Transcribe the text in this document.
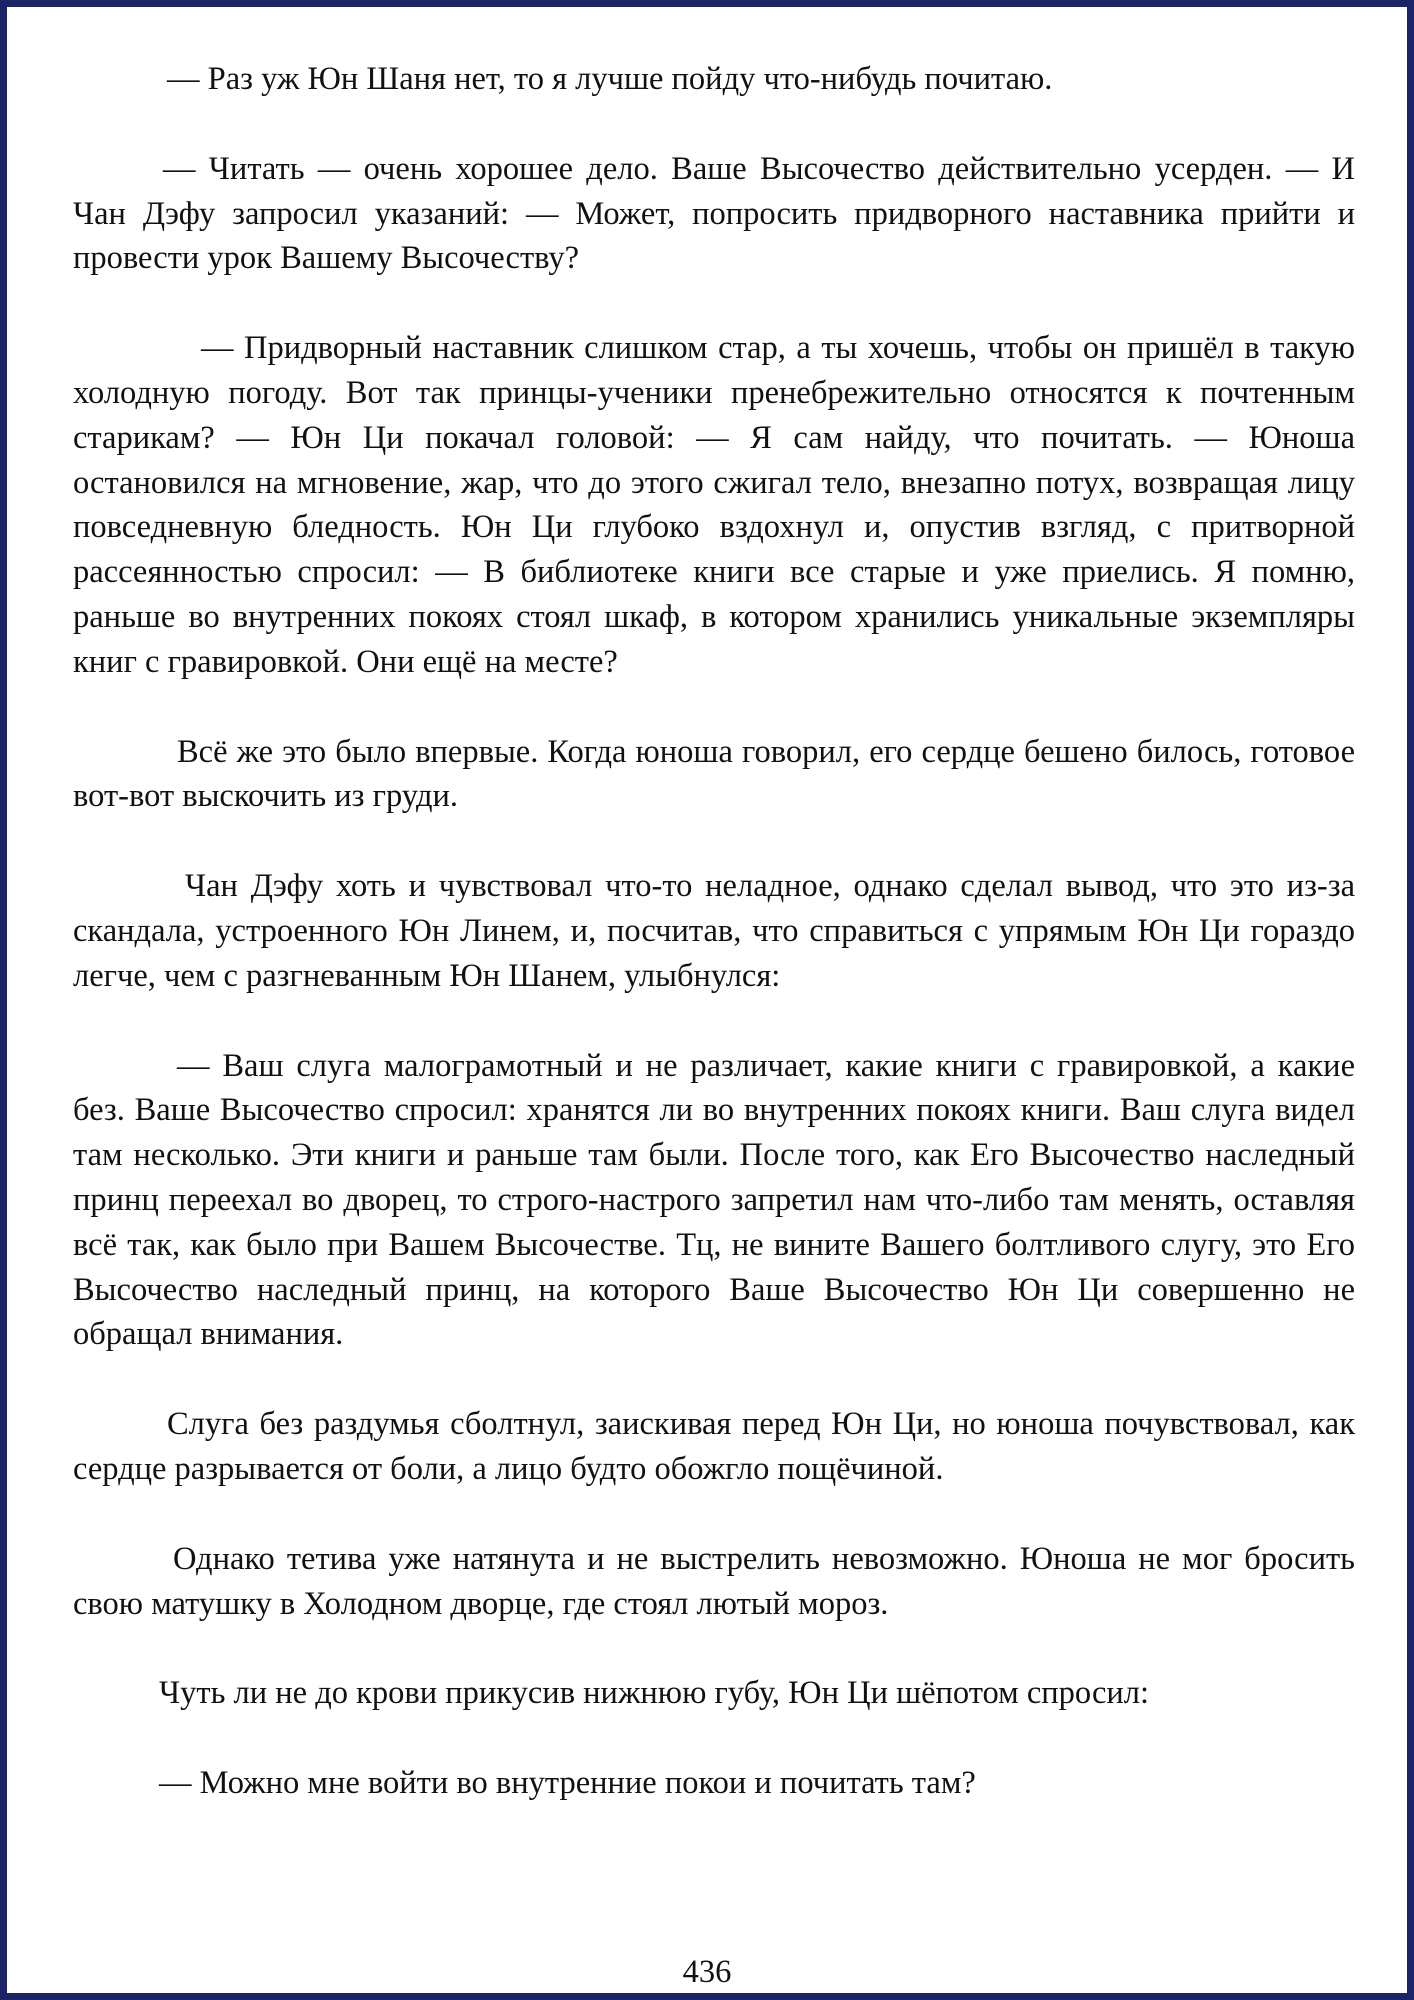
— Раз уж Юн Шаня нет, то я лучше пойду что-нибудь почитаю.

— Читать — очень хорошее дело. Ваше Высочество действительно усерден. — И Чан Дэфу запросил указаний: — Может, попросить придворного наставника прийти и провести урок Вашему Высочеству?

— Придворный наставник слишком стар, а ты хочешь, чтобы он пришёл в такую холодную погоду. Вот так принцы-ученики пренебрежительно относятся к почтенным старикам? — Юн Ци покачал головой: — Я сам найду, что почитать. — Юноша остановился на мгновение, жар, что до этого сжигал тело, внезапно потух, возвращая лицу повседневную бледность. Юн Ци глубоко вздохнул и, опустив взгляд, с притворной рассеянностью спросил: — В библиотеке книги все старые и уже приелись. Я помню, раньше во внутренних покоях стоял шкаф, в котором хранились уникальные экземпляры книг с гравировкой. Они ещё на месте?

Всё же это было впервые. Когда юноша говорил, его сердце бешено билось, готовое вот-вот выскочить из груди.

Чан Дэфу хоть и чувствовал что-то неладное, однако сделал вывод, что это из-за скандала, устроенного Юн Линем, и, посчитав, что справиться с упрямым Юн Ци гораздо легче, чем с разгневанным Юн Шанем, улыбнулся:

— Ваш слуга малограмотный и не различает, какие книги с гравировкой, а какие без. Ваше Высочество спросил: хранятся ли во внутренних покоях книги. Ваш слуга видел там несколько. Эти книги и раньше там были. После того, как Его Высочество наследный принц переехал во дворец, то строго-настрого запретил нам что-либо там менять, оставляя всё так, как было при Вашем Высочестве. Тц, не вините Вашего болтливого слугу, это Его Высочество наследный принц, на которого Ваше Высочество Юн Ци совершенно не обращал внимания.

Слуга без раздумья сболтнул, заискивая перед Юн Ци, но юноша почувствовал, как сердце разрывается от боли, а лицо будто обожгло пощёчиной.

Однако тетива уже натянута и не выстрелить невозможно. Юноша не мог бросить свою матушку в Холодном дворце, где стоял лютый мороз.

Чуть ли не до крови прикусив нижнюю губу, Юн Ци шёпотом спросил:

— Можно мне войти во внутренние покои и почитать там?

436
